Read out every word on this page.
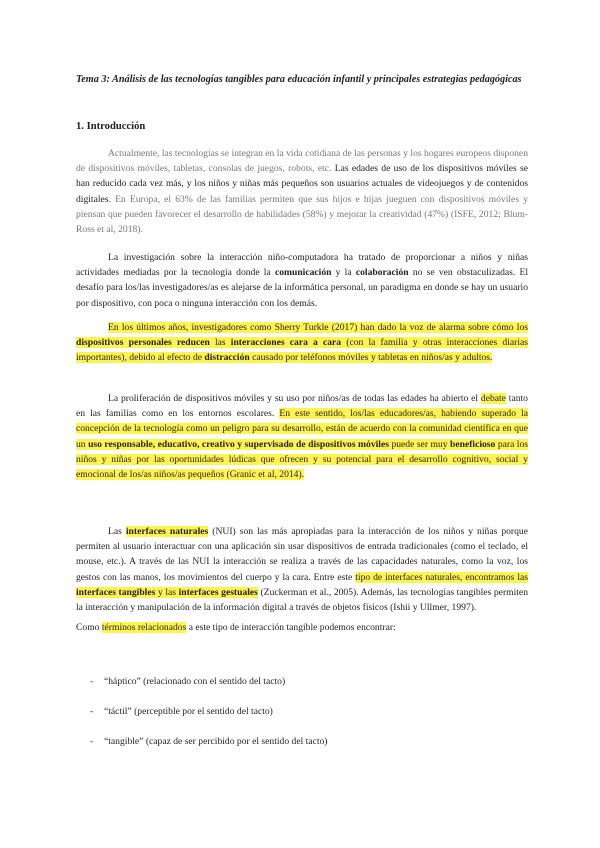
Tema 3: Análisis de las tecnologías tangibles para educación infantil y principales estrategias pedagógicas
1. Introducción

Actualmente, las tecnologías se integran en la vida cotidiana de las personas y los hogares europeos disponen de dispositivos móviles, tabletas, consolas de juegos, robots, etc. Las edades de uso de los dispositivos móviles se han reducido cada vez más, y los niños y niñas más pequeños son usuarios actuales de videojuegos y de contenidos digitales. En Europa, el 63% de las familias permiten que sus hijos e hijas jueguen con dispositivos móviles y piensan que pueden favorecer el desarrollo de habilidades (58%) y mejorar la creatividad (47%) (ISFE, 2012; Blum-Ross et al, 2018).

La investigación sobre la interacción niño-computadora ha tratado de proporcionar a niños y niñas actividades mediadas por la tecnología donde la comunicación y la colaboración no se ven obstaculizadas. El desafío para los/las investigadores/as es alejarse de la informática personal, un paradigma en donde se hay un usuario por dispositivo, con poca o ninguna interacción con los demás.

En los últimos años, investigadores como Sherry Turkle (2017) han dado la voz de alarma sobre cómo los dispositivos personales reducen las interacciones cara a cara (con la familia y otras interacciones diarias importantes), debido al efecto de distracción causado por teléfonos móviles y tabletas en niños/as y adultos.

La proliferación de dispositivos móviles y su uso por niños/as de todas las edades ha abierto el debate tanto en las familias como en los entornos escolares. En este sentido, los/las educadores/as, habiendo superado la concepción de la tecnología como un peligro para su desarrollo, están de acuerdo con la comunidad científica en que un uso responsable, educativo, creativo y supervisado de dispositivos móviles puede ser muy beneficioso para los niños y niñas por las oportunidades lúdicas que ofrecen y su potencial para el desarrollo cognitivo, social y emocional de los/as niños/as pequeños (Granic et al, 2014).

Las interfaces naturales (NUI) son las más apropiadas para la interacción de los niños y niñas porque permiten al usuario interactuar con una aplicación sin usar dispositivos de entrada tradicionales (como el teclado, el mouse, etc.). A través de las NUI la interacción se realiza a través de las capacidades naturales, como la voz, los gestos con las manos, los movimientos del cuerpo y la cara. Entre este tipo de interfaces naturales, encontramos las interfaces tangibles y las interfaces gestuales (Zuckerman et al., 2005). Además, las tecnologías tangibles permiten la interacción y manipulación de la información digital a través de objetos físicos (Ishii y Ullmer, 1997).

Como términos relacionados a este tipo de interacción tangible podemos encontrar:
- “háptico” (relacionado con el sentido del tacto)
- “táctil” (perceptible por el sentido del tacto)
- “tangible” (capaz de ser percibido por el sentido del tacto)
